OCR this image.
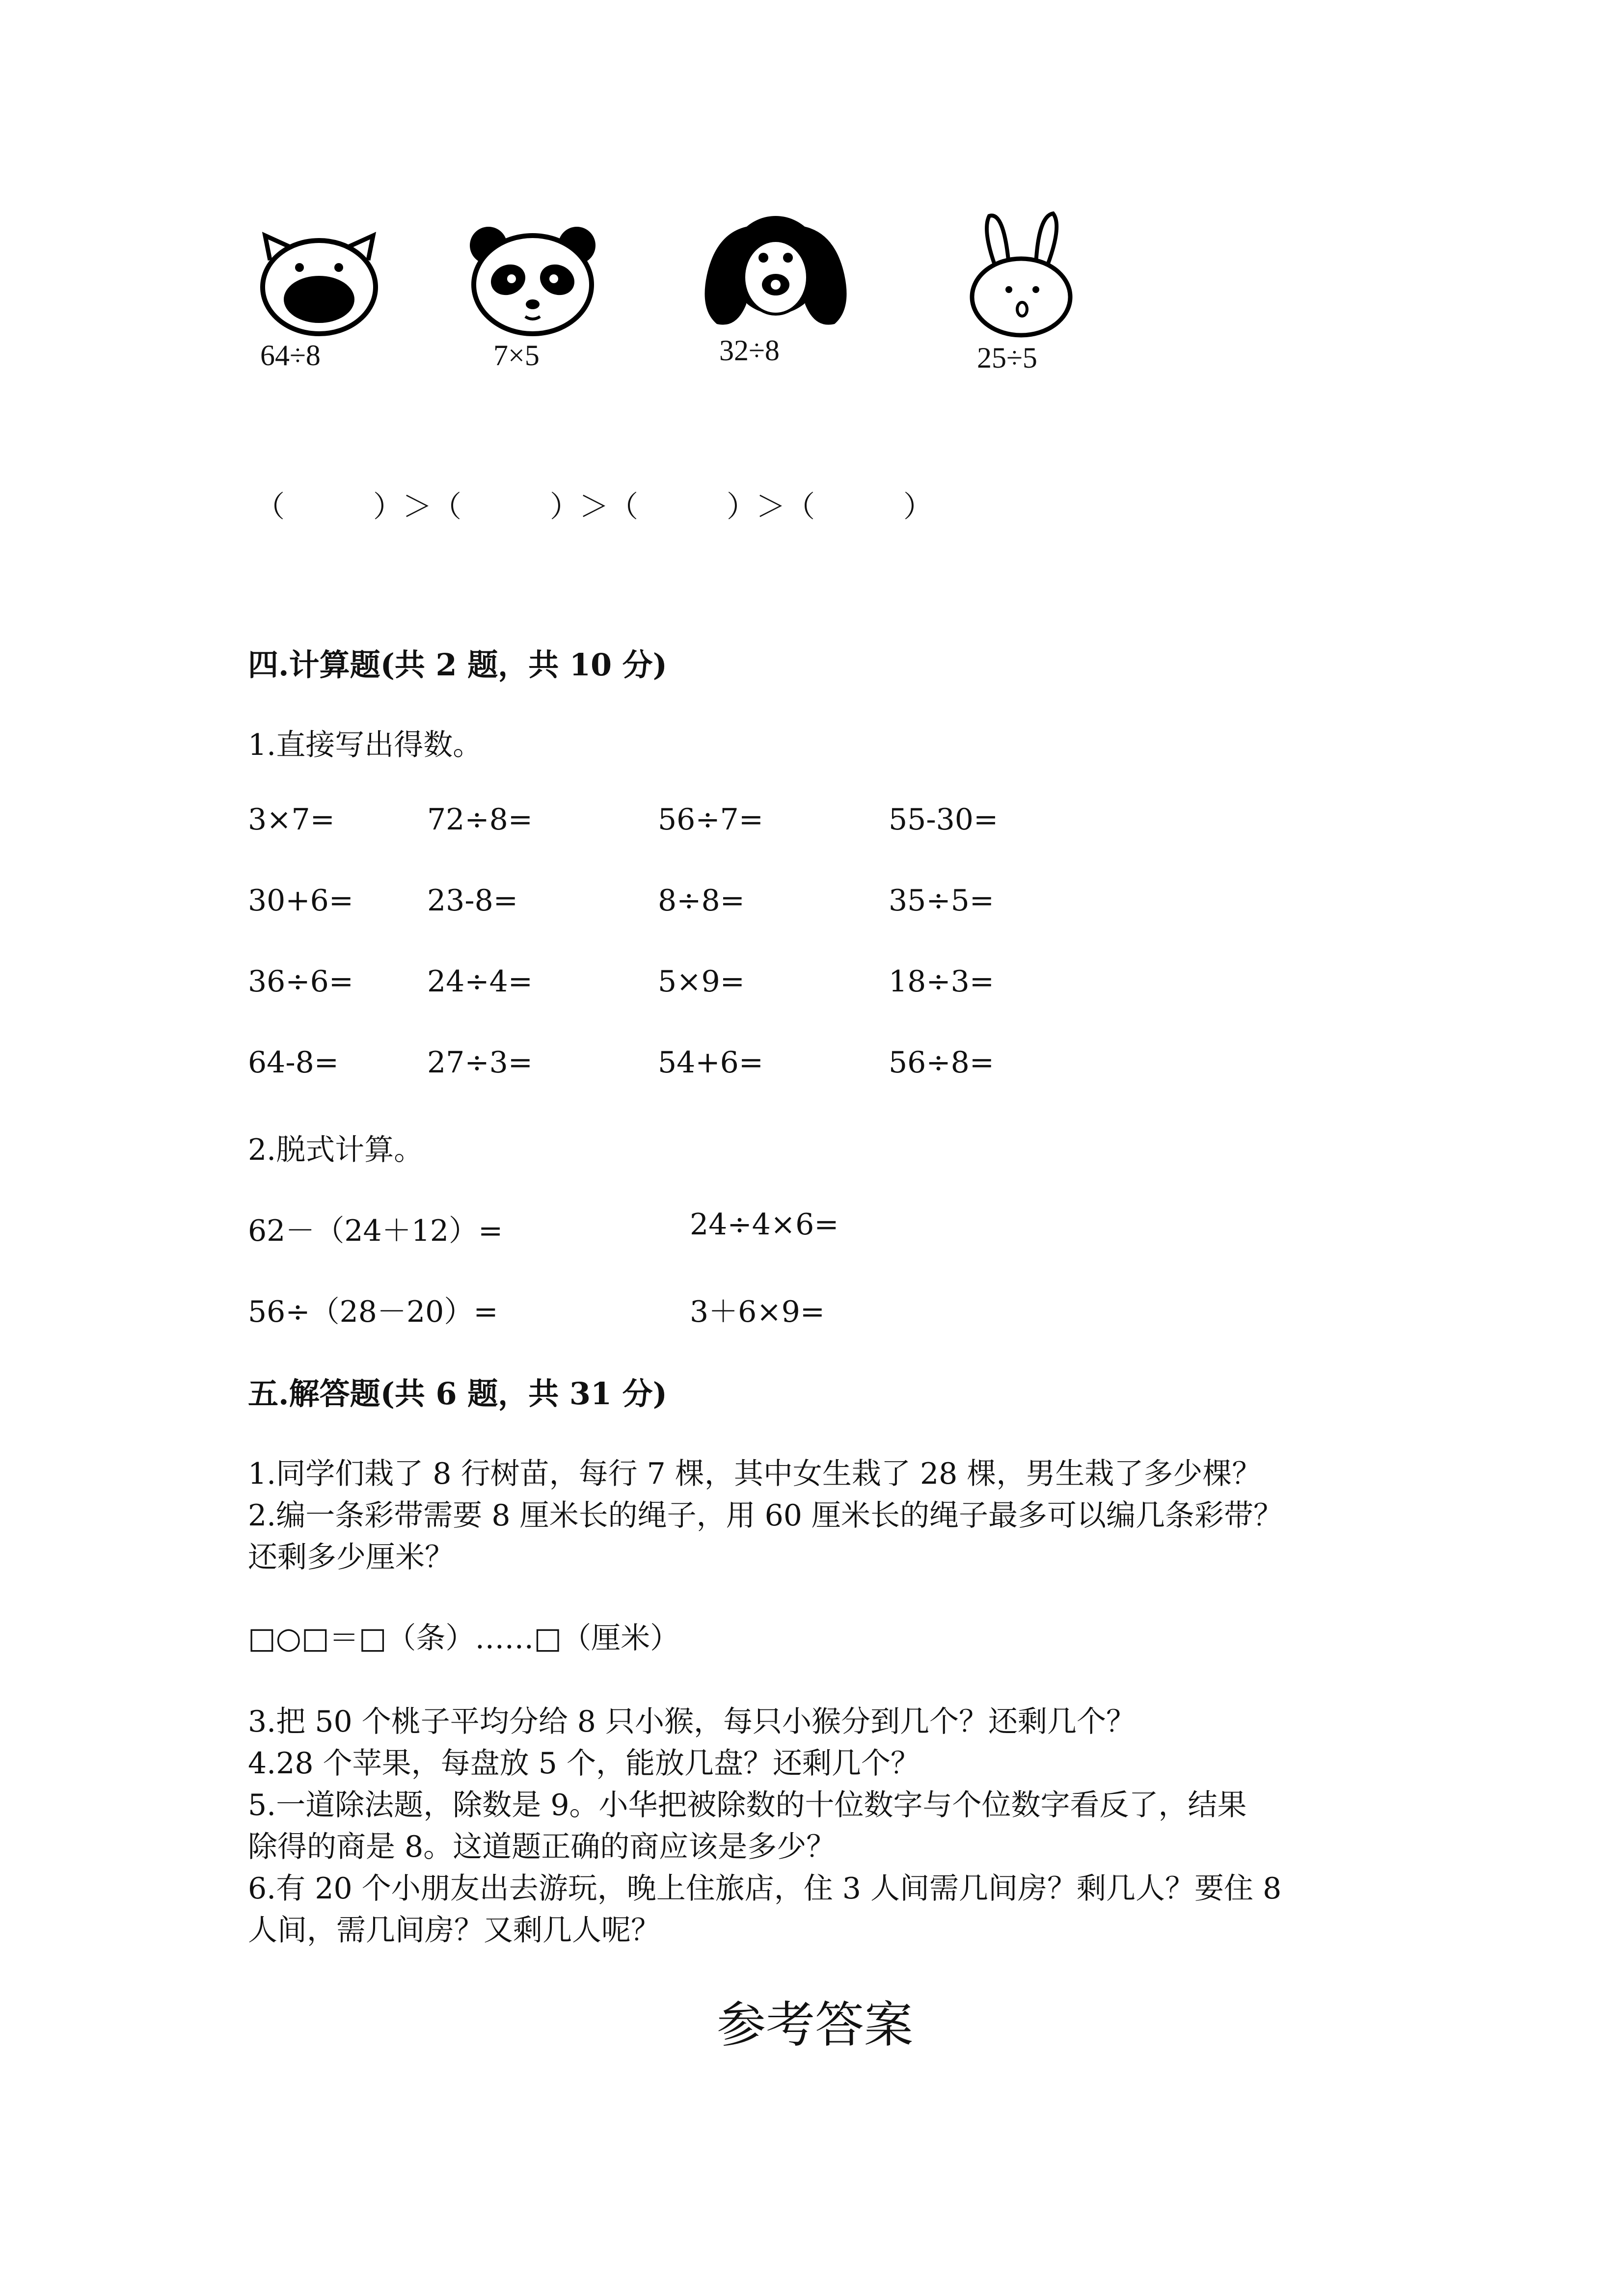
64÷8	7×5	32÷8	25÷5
（　　　）＞（　　　）＞（　　　）＞（　　　）
四.计算题(共 2 题，共 10 分)
1.直接写出得数。
3×7=	72÷8=	56÷7=	55-30=
30+6= 23-8=	8÷8=	35÷5=
36÷6= 24÷4=	5×9=	18÷3=
64-8=	27÷3=	54+6=	56÷8=
2.脱式计算。
62－（24＋12）=	24÷4×6=
56÷（28－20）=	3＋6×9=
五.解答题(共 6 题，共 31 分)
1.同学们栽了 8 行树苗，每行 7 棵，其中女生栽了 28 棵，男生栽了多少棵？
2.编一条彩带需要 8 厘米长的绳子，用 60 厘米长的绳子最多可以编几条彩带？
还剩多少厘米？
□○□＝□（条）……□（厘米）
3.把 50 个桃子平均分给 8 只小猴，每只小猴分到几个？还剩几个？
4.28 个苹果，每盘放 5 个，能放几盘？还剩几个？
5.一道除法题，除数是 9。小华把被除数的十位数字与个位数字看反了，结果
除得的商是 8。这道题正确的商应该是多少？
6.有 20 个小朋友出去游玩，晚上住旅店，住 3 人间需几间房？剩几人？要住 8
人间，需几间房？又剩几人呢？
参考答案
